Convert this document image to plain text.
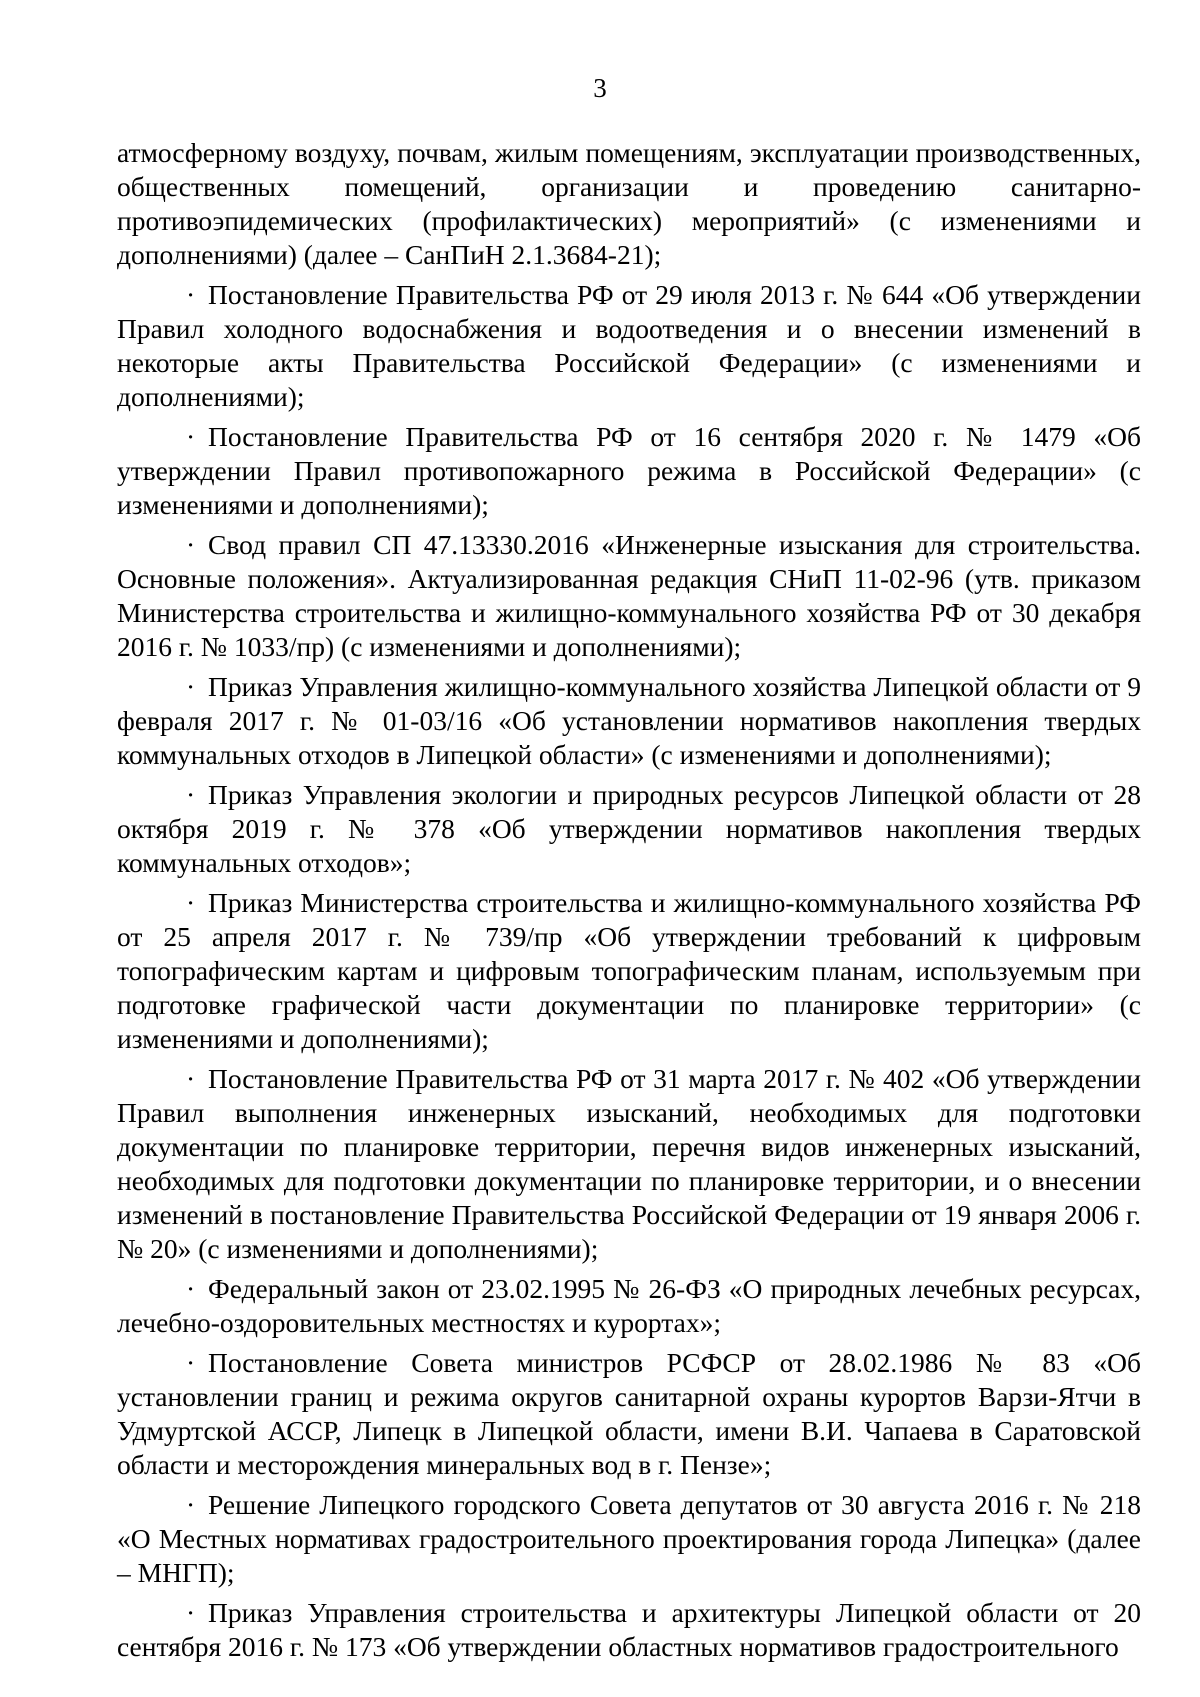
3

атмосферному воздуху, почвам, жилым помещениям, эксплуатации производственных, общественных помещений, организации и проведению санитарно-противоэпидемических (профилактических) мероприятий» (с изменениями и дополнениями) (далее – СанПиН 2.1.3684-21);

· Постановление Правительства РФ от 29 июля 2013 г. № 644 «Об утверждении Правил холодного водоснабжения и водоотведения и о внесении изменений в некоторые акты Правительства Российской Федерации» (с изменениями и дополнениями);

· Постановление Правительства РФ от 16 сентября 2020 г. № 1479 «Об утверждении Правил противопожарного режима в Российской Федерации» (с изменениями и дополнениями);

· Свод правил СП 47.13330.2016 «Инженерные изыскания для строительства. Основные положения». Актуализированная редакция СНиП 11-02-96 (утв. приказом Министерства строительства и жилищно-коммунального хозяйства РФ от 30 декабря 2016 г. № 1033/пр) (с изменениями и дополнениями);

· Приказ Управления жилищно-коммунального хозяйства Липецкой области от 9 февраля 2017 г. № 01-03/16 «Об установлении нормативов накопления твердых коммунальных отходов в Липецкой области» (с изменениями и дополнениями);

· Приказ Управления экологии и природных ресурсов Липецкой области от 28 октября 2019 г. № 378 «Об утверждении нормативов накопления твердых коммунальных отходов»;

· Приказ Министерства строительства и жилищно-коммунального хозяйства РФ от 25 апреля 2017 г. № 739/пр «Об утверждении требований к цифровым топографическим картам и цифровым топографическим планам, используемым при подготовке графической части документации по планировке территории» (с изменениями и дополнениями);

· Постановление Правительства РФ от 31 марта 2017 г. № 402 «Об утверждении Правил выполнения инженерных изысканий, необходимых для подготовки документации по планировке территории, перечня видов инженерных изысканий, необходимых для подготовки документации по планировке территории, и о внесении изменений в постановление Правительства Российской Федерации от 19 января 2006 г. № 20» (с изменениями и дополнениями);

· Федеральный закон от 23.02.1995 № 26-ФЗ «О природных лечебных ресурсах, лечебно-оздоровительных местностях и курортах»;

· Постановление Совета министров РСФСР от 28.02.1986 № 83 «Об установлении границ и режима округов санитарной охраны курортов Варзи-Ятчи в Удмуртской АССР, Липецк в Липецкой области, имени В.И. Чапаева в Саратовской области и месторождения минеральных вод в г. Пензе»;

· Решение Липецкого городского Совета депутатов от 30 августа 2016 г. № 218 «О Местных нормативах градостроительного проектирования города Липецка» (далее – МНГП);

· Приказ Управления строительства и архитектуры Липецкой области от 20 сентября 2016 г. № 173 «Об утверждении областных нормативов градостроительного
